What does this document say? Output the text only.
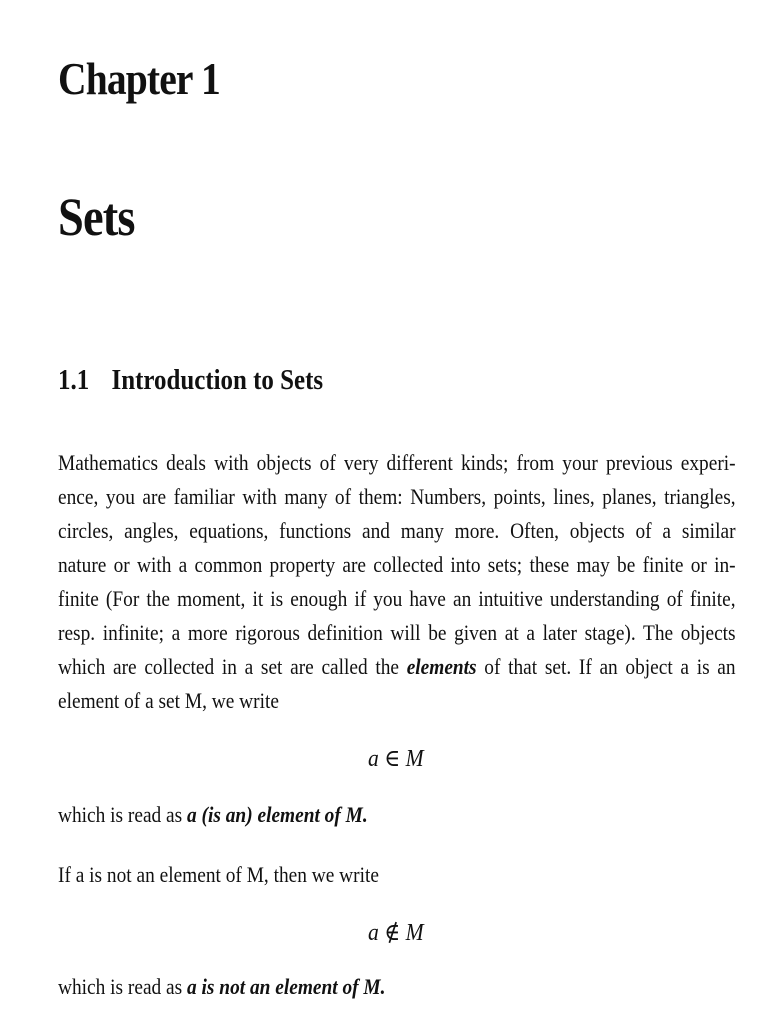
Chapter 1
Sets
1.1 Introduction to Sets
Mathematics deals with objects of very different kinds; from your previous experi-
ence, you are familiar with many of them: Numbers, points, lines, planes, triangles,
circles, angles, equations, functions and many more. Often, objects of a similar
nature or with a common property are collected into sets; these may be finite or in-
finite (For the moment, it is enough if you have an intuitive understanding of finite,
resp. infinite; a more rigorous definition will be given at a later stage). The objects
which are collected in a set are called the elements of that set. If an object a is an
element of a set M, we write
a ∈ M
which is read as a (is an) element of M.
If a is not an element of M, then we write
a ∉ M
which is read as a is not an element of M.
